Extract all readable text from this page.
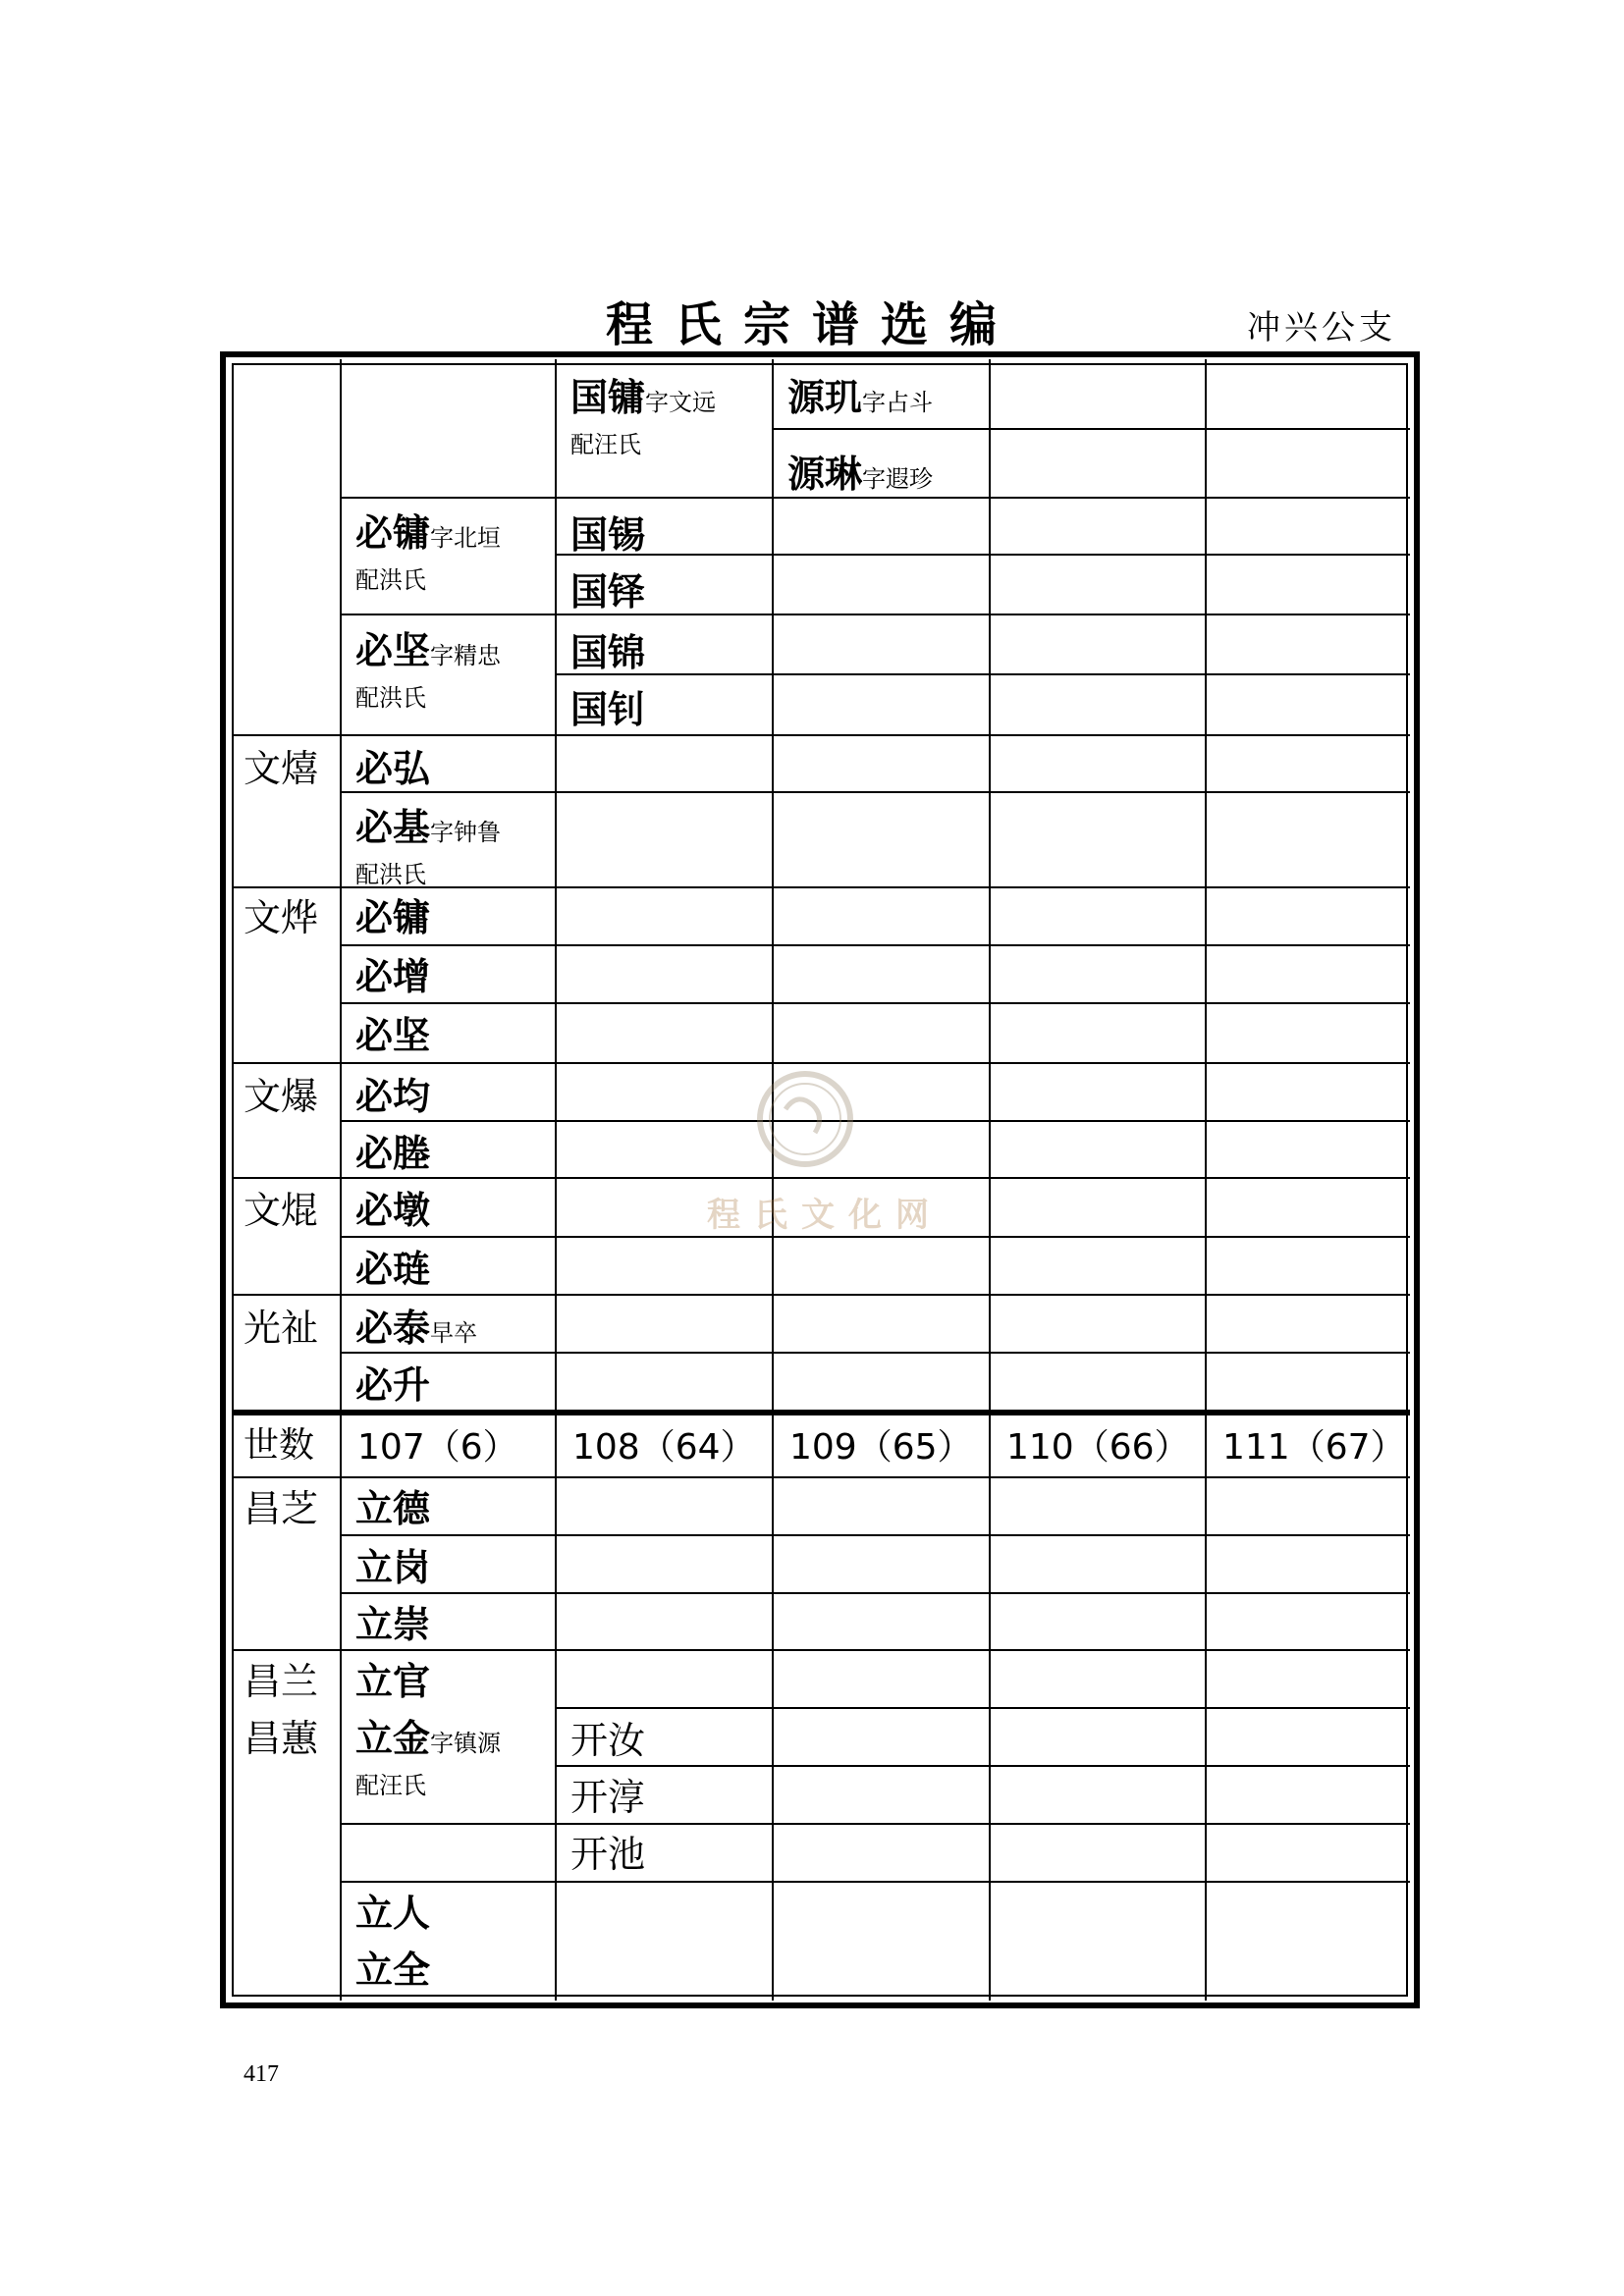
程氏宗谱选编	冲兴公支
国镛字文远
配汪氏
国锡
国铎
国锦
国钊
源玑字占斗
源琳字遐珍
必镛字北垣
配洪氏
必坚字精忠
配洪氏
必弘
必基字钟鲁
配洪氏
必镛
必增
必坚
必均
必塍
必墩
必琏
必泰早卒
必升
文熺
文烨
文爆
文焜
光祉
世数 107（6） 108（64） 109（65） 110（66） 111（67）
立德
立岗
立崇
立官
立金字镇源
配汪氏
立人
立全
昌芝
昌兰
昌蕙	开汝
开淳
开池
程氏文化网
417
